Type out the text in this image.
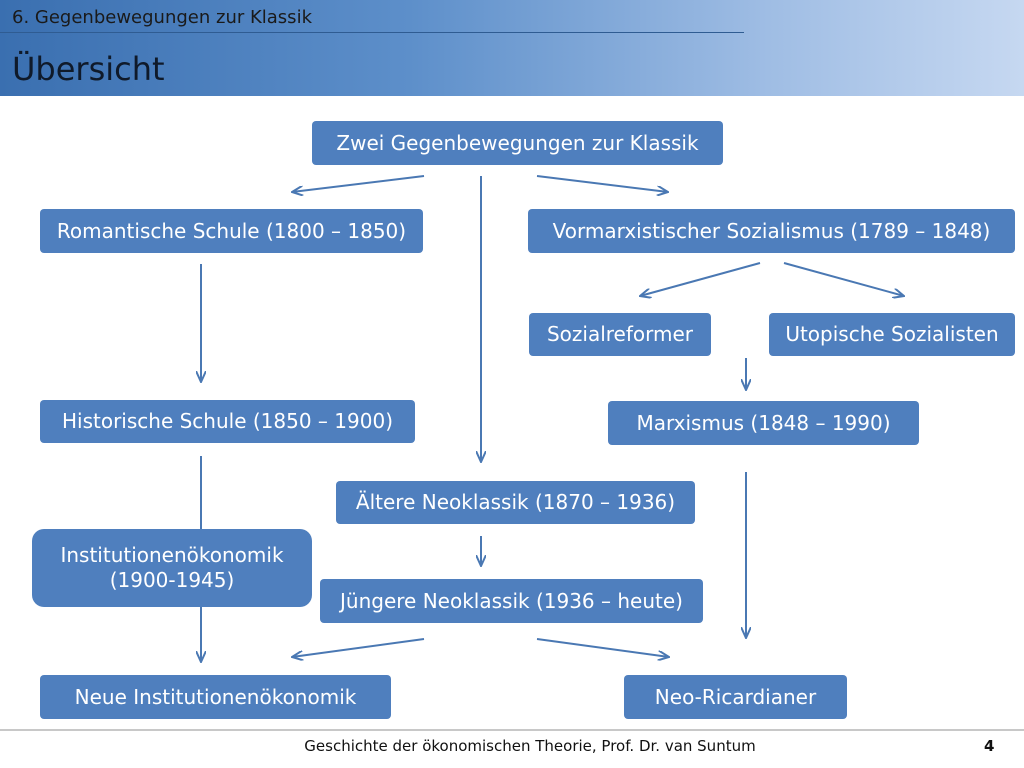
6. Gegenbewegungen zur Klassik
Übersicht
Zwei Gegenbewegungen zur Klassik
Romantische Schule (1800 – 1850)	Vormarxistischer Sozialismus (1789 – 1848)
Sozialreformer	Utopische Sozialisten
Historische Schule (1850 – 1900)	Marxismus (1848 – 1990)
Ältere Neoklassik (1870 – 1936)
Institutionenökonomik (1900-1945)
Jüngere Neoklassik (1936 – heute)
Neue Institutionenökonomik	Neo-Ricardianer
Geschichte der ökonomischen Theorie, Prof. Dr. van Suntum	4
